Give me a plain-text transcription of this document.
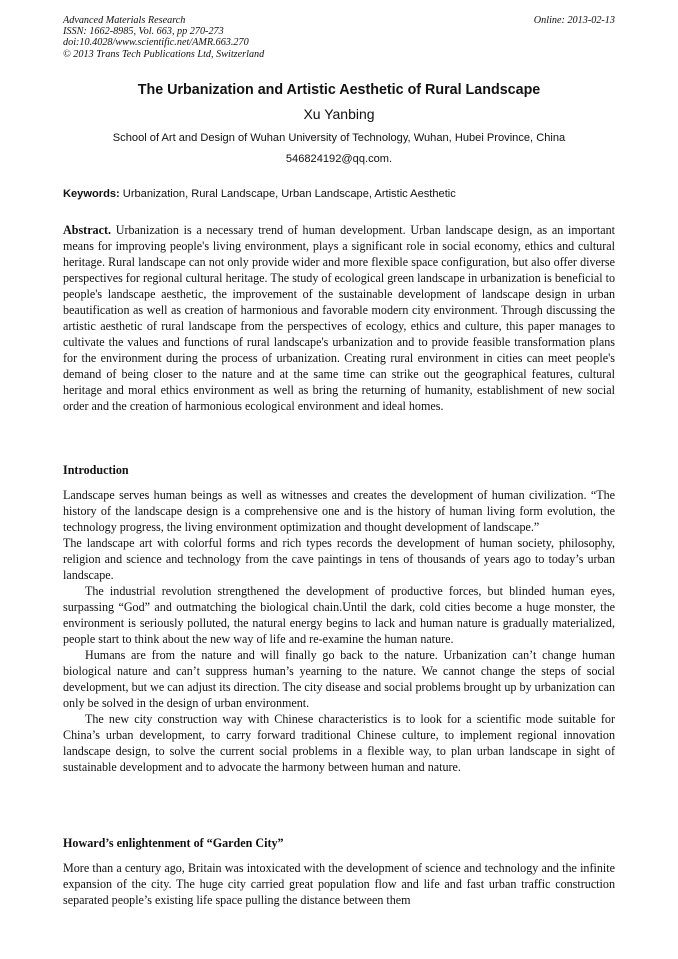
Advanced Materials Research
ISSN: 1662-8985, Vol. 663, pp 270-273
doi:10.4028/www.scientific.net/AMR.663.270
© 2013 Trans Tech Publications Ltd, Switzerland
Online: 2013-02-13
The Urbanization and Artistic Aesthetic of Rural Landscape
Xu Yanbing
School of Art and Design of Wuhan University of Technology, Wuhan, Hubei Province, China
546824192@qq.com.
Keywords: Urbanization, Rural Landscape, Urban Landscape, Artistic Aesthetic

Abstract. Urbanization is a necessary trend of human development. Urban landscape design, as an important means for improving people's living environment, plays a significant role in social economy, ethics and cultural heritage. Rural landscape can not only provide wider and more flexible space configuration, but also offer diverse perspectives for regional cultural heritage. The study of ecological green landscape in urbanization is beneficial to people's landscape aesthetic, the improvement of the sustainable development of landscape design in urban beautification as well as creation of harmonious and favorable modern city environment. Through discussing the artistic aesthetic of rural landscape from the perspectives of ecology, ethics and culture, this paper manages to cultivate the values and functions of rural landscape's urbanization and to provide feasible transformation plans for the environment during the process of urbanization. Creating rural environment in cities can meet people's demand of being closer to the nature and at the same time can strike out the geographical features, cultural heritage and moral ethics environment as well as bring the returning of humanity, establishment of new social order and the creation of harmonious ecological environment and ideal homes.

Introduction

Landscape serves human beings as well as witnesses and creates the development of human civilization. “The history of the landscape design is a comprehensive one and is the history of human living form evolution, the technology progress, the living environment optimization and thought development of landscape.”

The landscape art with colorful forms and rich types records the development of human society, philosophy, religion and science and technology from the cave paintings in tens of thousands of years ago to today’s urban landscape.

The industrial revolution strengthened the development of productive forces, but blinded human eyes, surpassing “God” and outmatching the biological chain.Until the dark, cold cities become a huge monster, the environment is seriously polluted, the natural energy begins to lack and human nature is gradually materialized, people start to think about the new way of life and re-examine the human nature.

Humans are from the nature and will finally go back to the nature. Urbanization can’t change human biological nature and can’t suppress human’s yearning to the nature. We cannot change the steps of social development, but we can adjust its direction. The city disease and social problems brought up by urbanization can only be solved in the design of urban environment.

The new city construction way with Chinese characteristics is to look for a scientific mode suitable for China’s urban development, to carry forward traditional Chinese culture, to implement regional innovation landscape design, to solve the current social problems in a flexible way, to plan urban landscape in sight of sustainable development and to advocate the harmony between human and nature.

Howard’s enlightenment of “Garden City”

More than a century ago, Britain was intoxicated with the development of science and technology and the infinite expansion of the city. The huge city carried great population flow and life and fast urban traffic construction separated people’s existing life space pulling the distance between them
